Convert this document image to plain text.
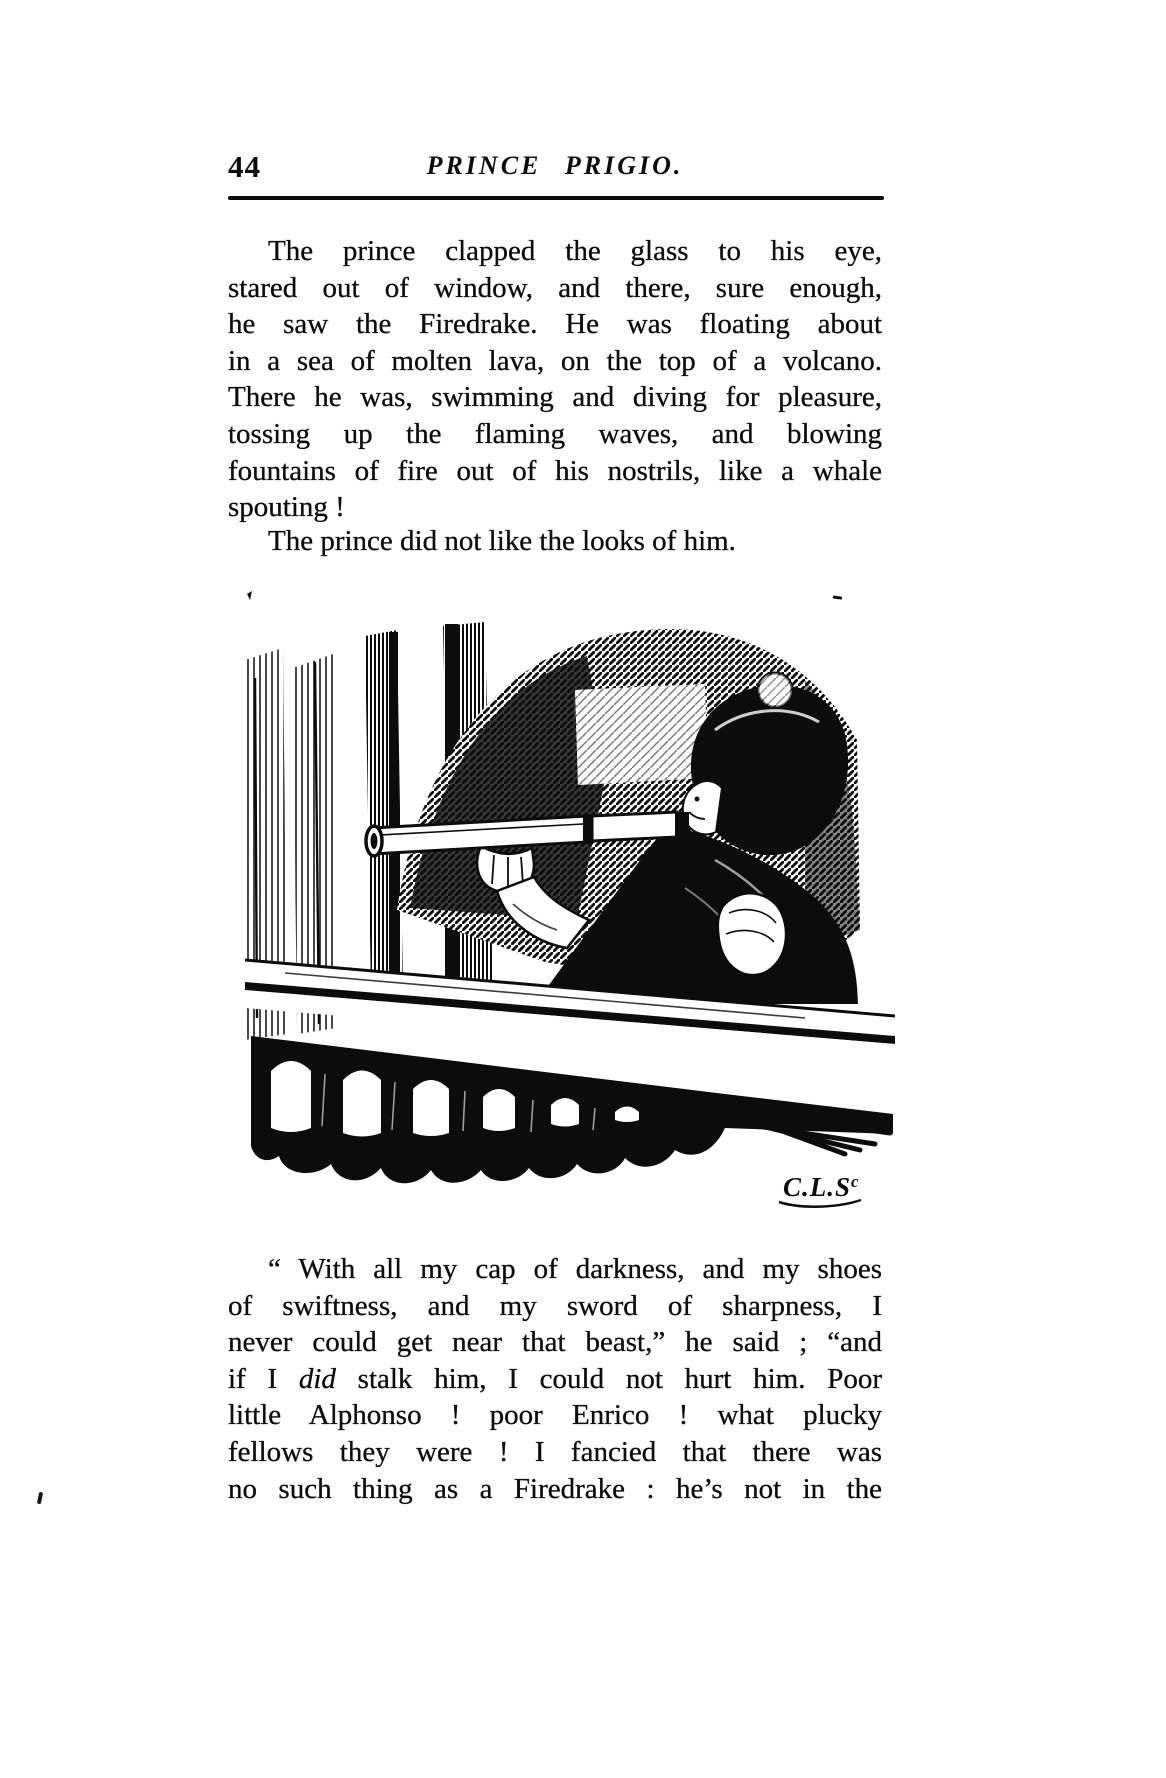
44	PRINCE PRIGIO.
The prince clapped the glass to his eye,
stared out of window, and there, sure enough,
he saw the Firedrake. He was floating about
in a sea of molten lava, on the top of a volcano.
There he was, swimming and diving for pleasure,
tossing up the flaming waves, and blowing
fountains of fire out of his nostrils, like a whale
spouting !
The prince did not like the looks of him.
$C.L.S^c$
“ With all my cap of darkness, and my shoes
of swiftness, and my sword of sharpness, I
never could get near that beast,” he said ; “and
if I did stalk him, I could not hurt him. Poor
little Alphonso ! poor Enrico ! what plucky
fellows they were ! I fancied that there was
no such thing as a Firedrake : he’s not in the
